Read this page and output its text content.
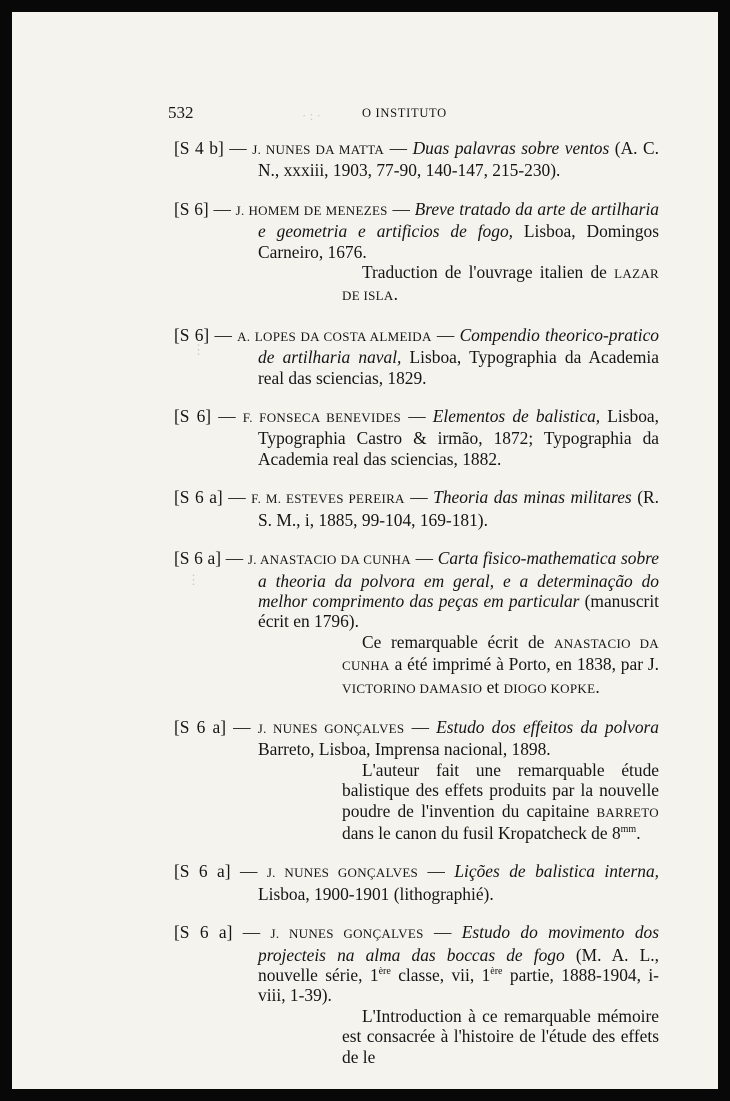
532	O INSTITUTO
· : ·
⋮
⋮

[S 4 b] — J. NUNES DA MATTA — Duas palavras sobre ventos (A. C. N., xxxiii, 1903, 77-90, 140-147, 215-230).

[S 6] — J. HOMEM DE MENEZES — Breve tratado da arte de artilharia e geometria e artificios de fogo, Lisboa, Domingos Carneiro, 1676.

Traduction de l'ouvrage italien de LAZAR DE ISLA.

[S 6] — A. LOPES DA COSTA ALMEIDA — Compendio theorico-pratico de artilharia naval, Lisboa, Typographia da Academia real das sciencias, 1829.

[S 6] — F. FONSECA BENEVIDES — Elementos de balistica, Lisboa, Typographia Castro & irmão, 1872; Typographia da Academia real das sciencias, 1882.

[S 6 a] — F. M. ESTEVES PEREIRA — Theoria das minas militares (R. S. M., i, 1885, 99-104, 169-181).

[S 6 a] — J. ANASTACIO DA CUNHA — Carta fisico-mathematica sobre a theoria da polvora em geral, e a determinação do melhor comprimento das peças em particular (manuscrit écrit en 1796).

Ce remarquable écrit de ANASTACIO DA CUNHA a été imprimé à Porto, en 1838, par J. VICTORINO DAMASIO et DIOGO KOPKE.

[S 6 a] — J. NUNES GONÇALVES — Estudo dos effeitos da polvora Barreto, Lisboa, Imprensa nacional, 1898.

L'auteur fait une remarquable étude balistique des effets produits par la nouvelle poudre de l'invention du capitaine BARRETO dans le canon du fusil Kropatcheck de $8^{mm}$.

[S 6 a] — J. NUNES GONÇALVES — Lições de balistica interna, Lisboa, 1900-1901 (lithographié).

[S 6 a] — J. NUNES GONÇALVES — Estudo do movimento dos projecteis na alma das boccas de fogo (M. A. L., nouvelle série, 1ère classe, vii, 1ère partie, 1888-1904, i-viii, 1-39).

L'Introduction à ce remarquable mémoire est consacrée à l'histoire de l'étude des effets de le
